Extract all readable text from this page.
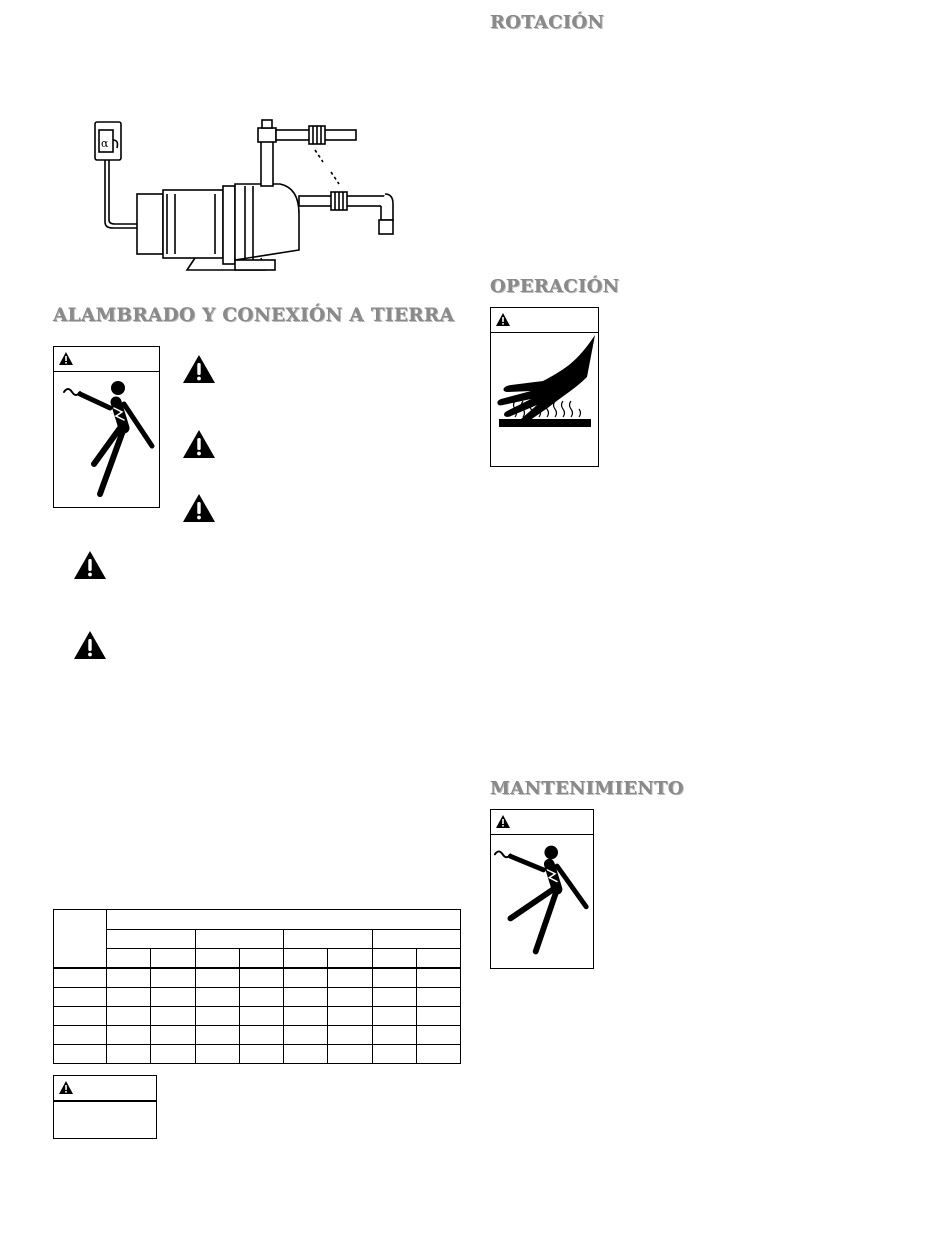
α
ALAMBRADO Y CONEXIÓN A TIERRA

ROTACIÓN
OPERACIÓN
MANTENIMIENTO
